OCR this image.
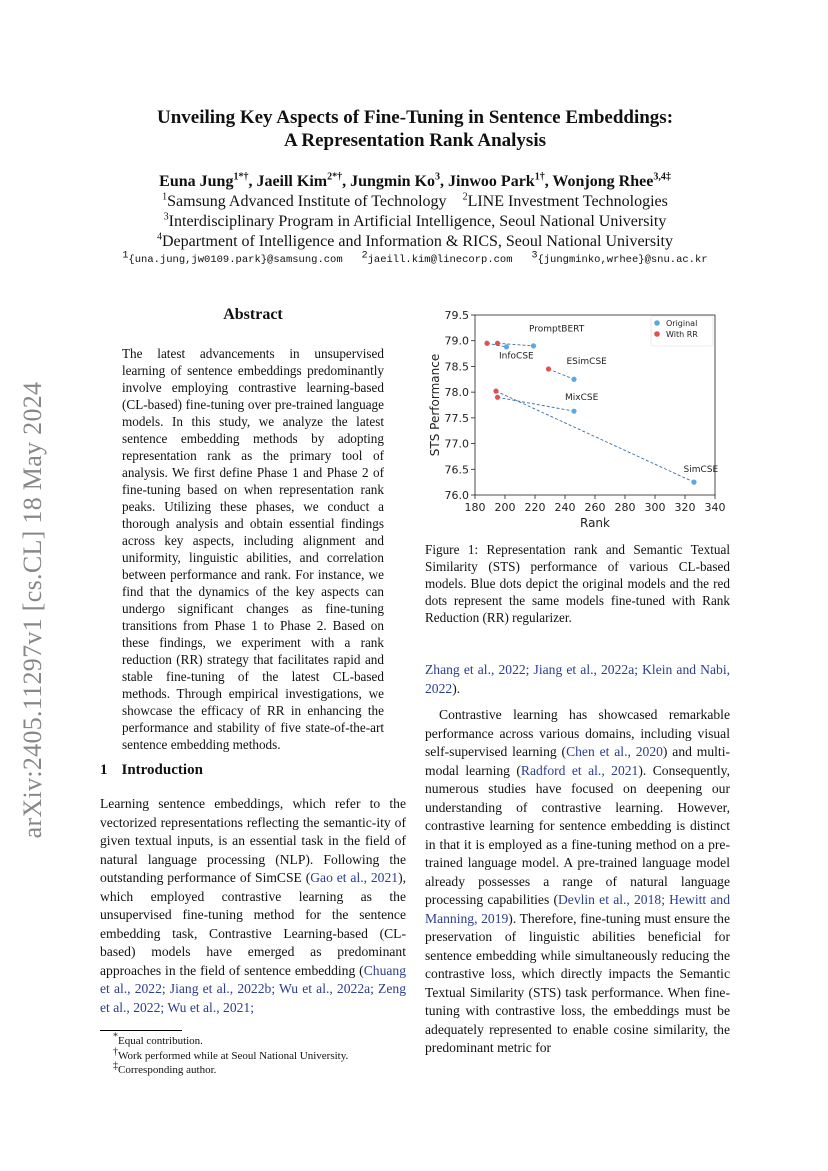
arXiv:2405.11297v1 [cs.CL] 18 May 2024
Unveiling Key Aspects of Fine-Tuning in Sentence Embeddings:
A Representation Rank Analysis
Euna Jung$^{1*\dagger}$, Jaeill Kim$^{2*\dagger}$, Jungmin Ko$^3$, Jinwoo Park$^{1\dagger}$, Wonjong Rhee$^{3,4\ddagger}$
$^1$Samsung Advanced Institute of Technology $^2$LINE Investment Technologies
$^3$Interdisciplinary Program in Artificial Intelligence, Seoul National University
$^4$Department of Intelligence and Information & RICS, Seoul National University
$^1${una.jung,jw0109.park}@samsung.com $^2$jaeill.kim@linecorp.com $^3${jungminko,wrhee}@snu.ac.kr
Abstract
The latest advancements in unsupervised learning of sentence embeddings predominantly involve employing contrastive learning-based (CL-based) fine-tuning over pre-trained language models. In this study, we analyze the latest sentence embedding methods by adopting representation rank as the primary tool of analysis. We first define Phase 1 and Phase 2 of fine-tuning based on when representation rank peaks. Utilizing these phases, we conduct a thorough analysis and obtain essential findings across key aspects, including alignment and uniformity, linguistic abilities, and correlation between performance and rank. For instance, we find that the dynamics of the key aspects can undergo significant changes as fine-tuning transitions from Phase 1 to Phase 2. Based on these findings, we experiment with a rank reduction (RR) strategy that facilitates rapid and stable fine-tuning of the latest CL-based methods. Through empirical investigations, we showcase the efficacy of RR in enhancing the performance and stability of five state-of-the-art sentence embedding methods.
1 Introduction
Learning sentence embeddings, which refer to the vectorized representations reflecting the semantic-ity of given textual inputs, is an essential task in the field of natural language processing (NLP). Following the outstanding performance of SimCSE (Gao et al., 2021), which employed contrastive learning as the unsupervised fine-tuning method for the sentence embedding task, Contrastive Learning-based (CL-based) models have emerged as predominant approaches in the field of sentence embedding (Chuang et al., 2022; Jiang et al., 2022b; Wu et al., 2022a; Zeng et al., 2022; Wu et al., 2021;
*Equal contribution.
†Work performed while at Seoul National University.
‡Corresponding author.
76.0
76.5
77.0
77.5
78.0
78.5
79.0
79.5
180 200 220 240 260 280 300 320 340
Rank
STS Performance
PromptBERT
InfoCSE
ESimCSE
MixCSE
SimCSE
Original
With RR
Figure 1: Representation rank and Semantic Textual Similarity (STS) performance of various CL-based models. Blue dots depict the original models and the red dots represent the same models fine-tuned with Rank Reduction (RR) regularizer.
Zhang et al., 2022; Jiang et al., 2022a; Klein and Nabi, 2022).
Contrastive learning has showcased remarkable performance across various domains, including visual self-supervised learning (Chen et al., 2020) and multi-modal learning (Radford et al., 2021). Consequently, numerous studies have focused on deepening our understanding of contrastive learning. However, contrastive learning for sentence embedding is distinct in that it is employed as a fine-tuning method on a pre-trained language model. A pre-trained language model already possesses a range of natural language processing capabilities (Devlin et al., 2018; Hewitt and Manning, 2019). Therefore, fine-tuning must ensure the preservation of linguistic abilities beneficial for sentence embedding while simultaneously reducing the contrastive loss, which directly impacts the Semantic Textual Similarity (STS) task performance. When fine-tuning with contrastive loss, the embeddings must be adequately represented to enable cosine similarity, the predominant metric for
